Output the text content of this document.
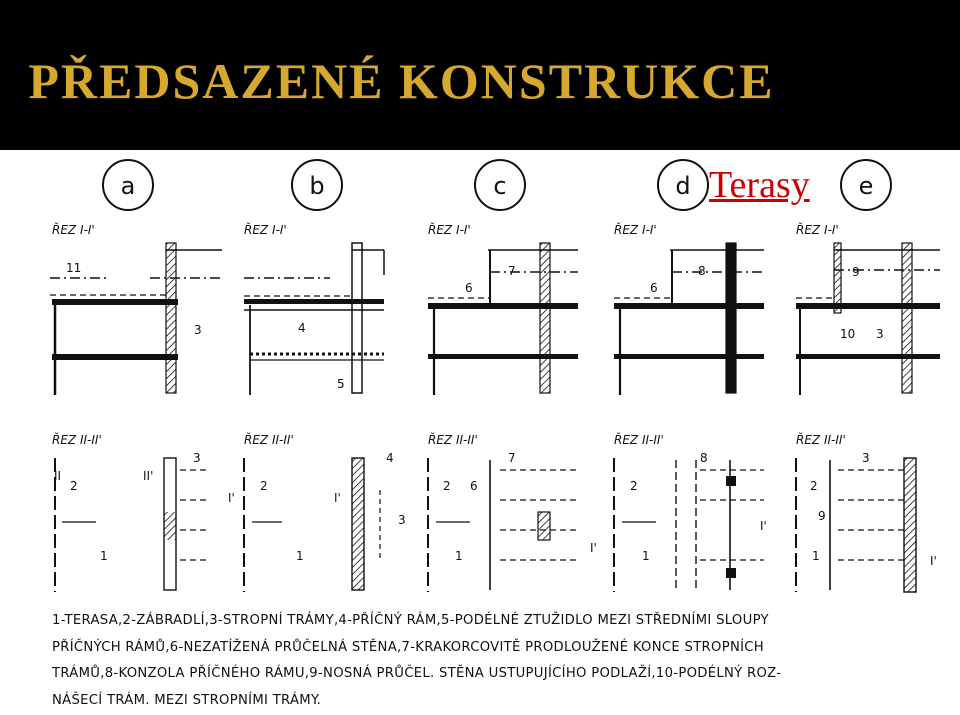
PŘEDSAZENÉ KONSTRUKCE
a	b	c	d	e
ŘEZ I-I'	ŘEZ I-I'	ŘEZ I-I'	ŘEZ I-I'	ŘEZ I-I'
ŘEZ II-II'	ŘEZ II-II'	ŘEZ II-II'	ŘEZ II-II'	ŘEZ II-II'
11
3	4
5
6
7
6
8	9
10 3
2
1
3
II	II'
2
1
4
3
I'	I'
2 6
7
1
I'
2
8
1
I'
2
3
9
1	I'
Terasy
1-TERASA,2-ZÁBRADLÍ,3-STROPNÍ TRÁMY,4-PŘÍČNÝ RÁM,5-PODÉLNÉ ZTUŽIDLO MEZI STŘEDNÍMI SLOUPY
PŘÍČNÝCH RÁMŮ,6-NEZATÍŽENÁ PRŮČELNÁ STĚNA,7-KRAKORCOVITĚ PRODLOUŽENÉ KONCE STROPNÍCH
TRÁMŮ,8-KONZOLA PŘÍČNÉHO RÁMU,9-NOSNÁ PRŮČEL. STĚNA USTUPUJÍCÍHO PODLAŽÍ,10-PODÉLNÝ ROZ-
NÁŠECÍ TRÁM. MEZI STROPNÍMI TRÁMY.
